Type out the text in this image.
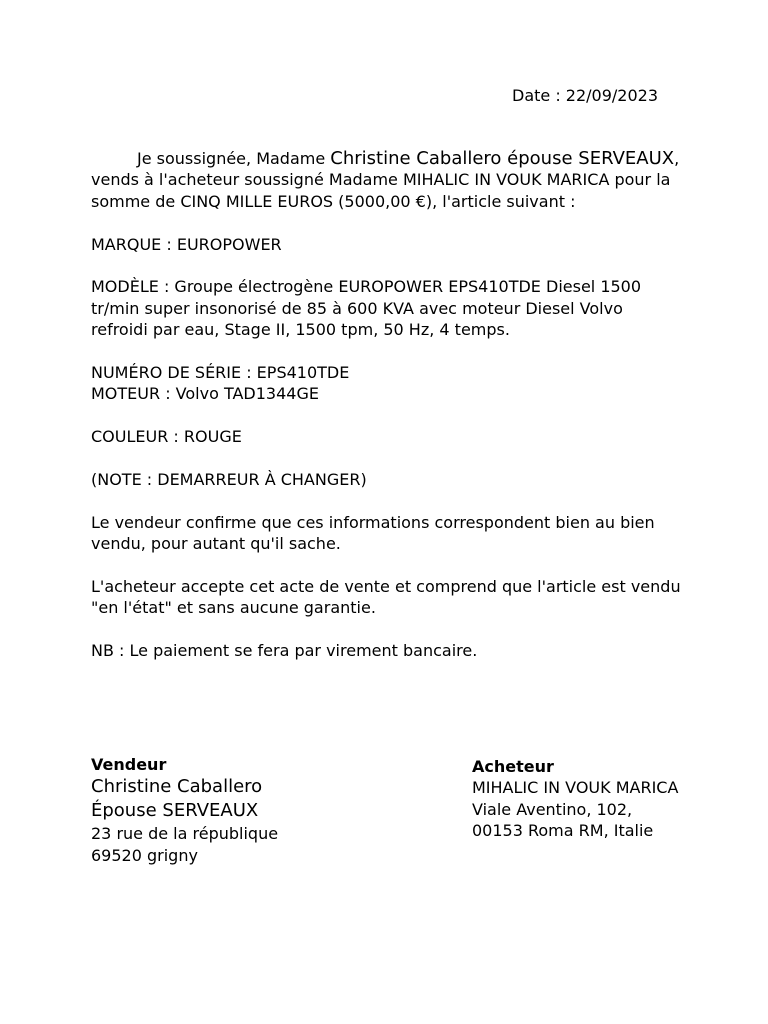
Date : 22/09/2023

Je soussignée, Madame Christine Caballero épouse SERVEAUX, vends à l'acheteur soussigné Madame MIHALIC IN VOUK MARICA pour la somme de CINQ MILLE EUROS (5000,00 €), l'article suivant :

MARQUE : EUROPOWER

MODÈLE : Groupe électrogène EUROPOWER EPS410TDE Diesel 1500 tr/min super insonorisé de 85 à 600 KVA avec moteur Diesel Volvo refroidi par eau, Stage II, 1500 tpm, 50 Hz, 4 temps.

NUMÉRO DE SÉRIE : EPS410TDE

MOTEUR : Volvo TAD1344GE

COULEUR : ROUGE

(NOTE : DEMARREUR À CHANGER)

Le vendeur confirme que ces informations correspondent bien au bien vendu, pour autant qu'il sache.

L'acheteur accepte cet acte de vente et comprend que l'article est vendu "en l'état" et sans aucune garantie.

NB : Le paiement se fera par virement bancaire.

Vendeur
Christine Caballero
Épouse SERVEAUX
23 rue de la république
69520 grigny
Acheteur
MIHALIC IN VOUK MARICA
Viale Aventino, 102,
00153 Roma RM, Italie
